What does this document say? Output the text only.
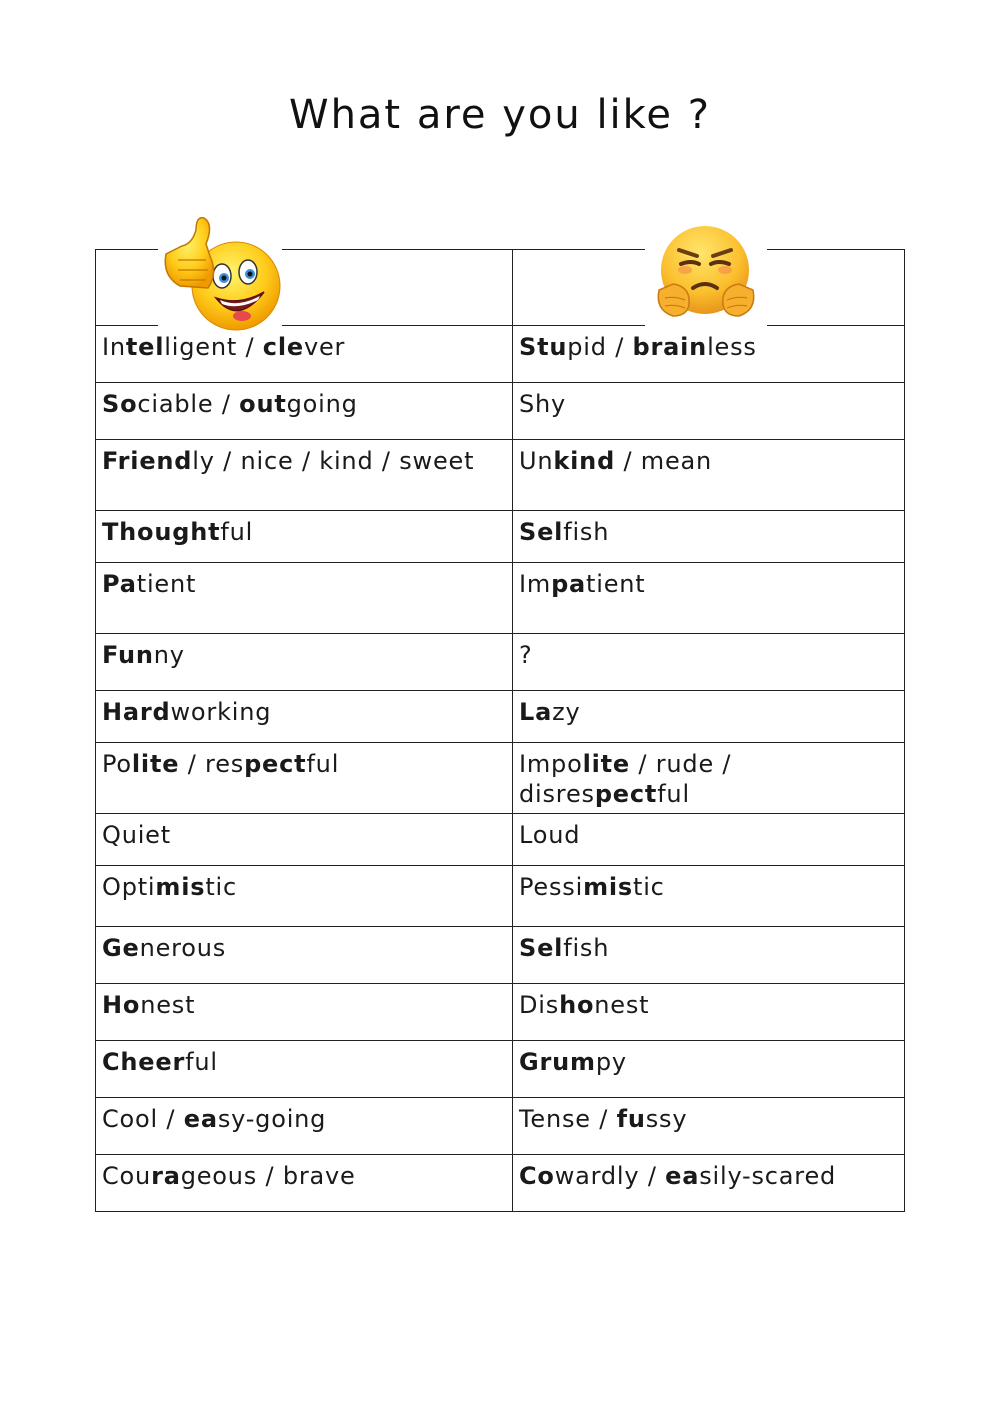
What are you like ?

Intelligent / clever	Stupid / brainless
Sociable / outgoing	Shy
Friendly / nice / kind / sweet	Unkind / mean
Thoughtful	Selfish
Patient	Impatient
Funny	?
Hardworking	Lazy
Polite / respectful	Impolite / rude / disrespectful
Quiet	Loud
Optimistic	Pessimistic
Generous	Selfish
Honest	Dishonest
Cheerful	Grumpy
Cool / easy-going	Tense / fussy
Courageous / brave	Cowardly / easily-scared
